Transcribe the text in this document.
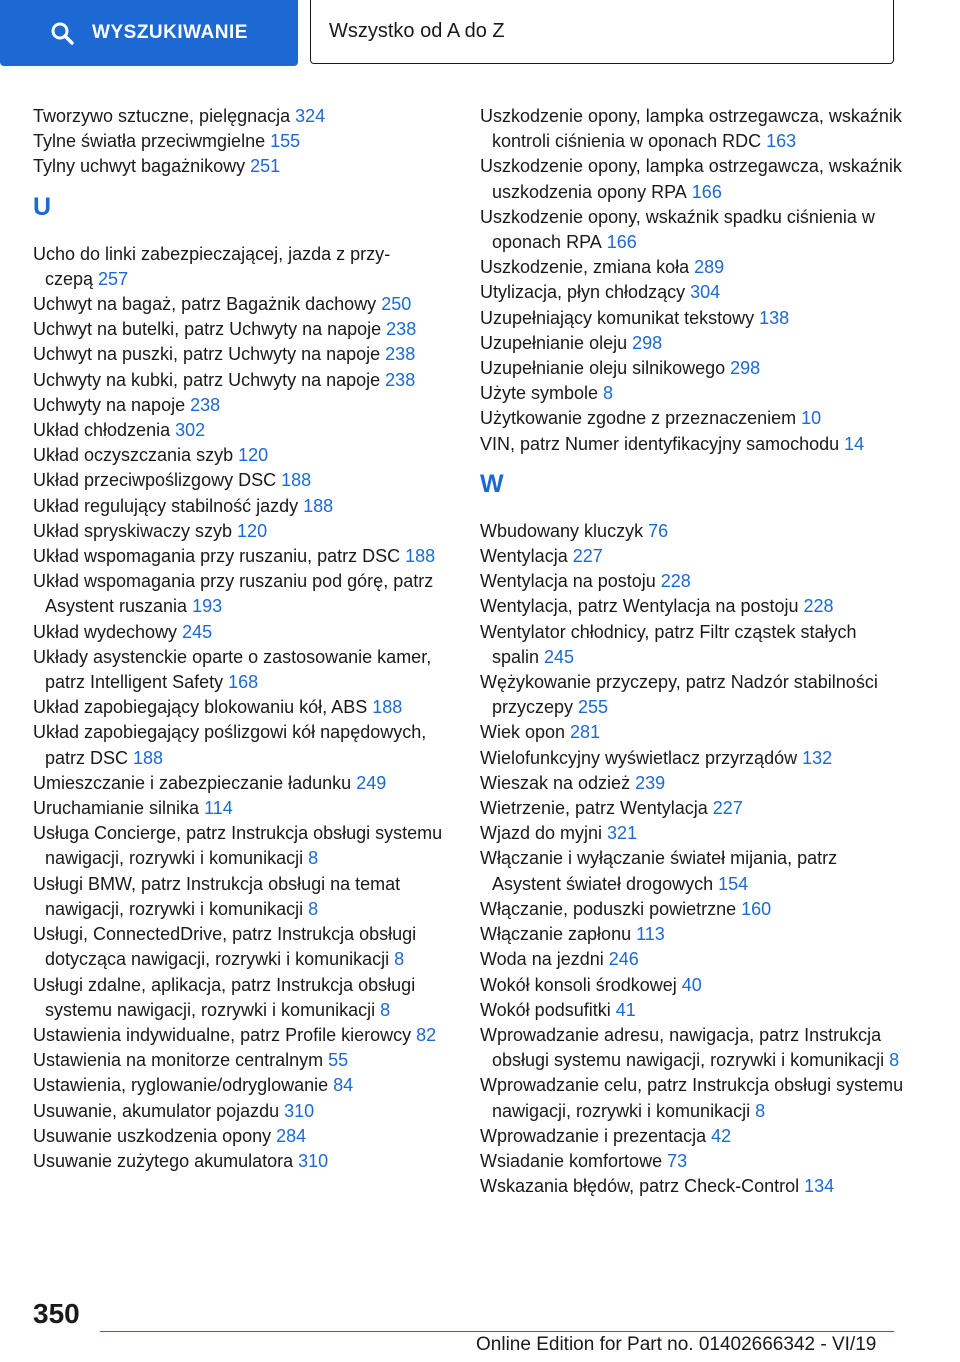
WYSZUKIWANIE	Wszystko od A do Z
Tworzywo sztuczne, pielęgnacja 324
Tylne światła przeciwmgielne 155
Tylny uchwyt bagażnikowy 251
U
Ucho do linki zabezpieczającej, jazda z przyczepą 257
Uchwyt na bagaż, patrz Bagażnik dachowy 250
Uchwyt na butelki, patrz Uchwyty na napoje 238
Uchwyt na puszki, patrz Uchwyty na napoje 238
Uchwyty na kubki, patrz Uchwyty na napoje 238
Uchwyty na napoje 238
Układ chłodzenia 302
Układ oczyszczania szyb 120
Układ przeciwpoślizgowy DSC 188
Układ regulujący stabilność jazdy 188
Układ spryskiwaczy szyb 120
Układ wspomagania przy ruszaniu, patrz DSC 188
Układ wspomagania przy ruszaniu pod górę, patrz Asystent ruszania 193
Układ wydechowy 245
Układy asystenckie oparte o zastosowanie kamer, patrz Intelligent Safety 168
Układ zapobiegający blokowaniu kół, ABS 188
Układ zapobiegający poślizgowi kół napędowych, patrz DSC 188
Umieszczanie i zabezpieczanie ładunku 249
Uruchamianie silnika 114
Usługa Concierge, patrz Instrukcja obsługi systemu nawigacji, rozrywki i komunikacji 8
Usługi BMW, patrz Instrukcja obsługi na temat nawigacji, rozrywki i komunikacji 8
Usługi, ConnectedDrive, patrz Instrukcja obsługi dotycząca nawigacji, rozrywki i komunikacji 8
Usługi zdalne, aplikacja, patrz Instrukcja obsługi systemu nawigacji, rozrywki i komunikacji 8
Ustawienia indywidualne, patrz Profile kierowcy 82
Ustawienia na monitorze centralnym 55
Ustawienia, ryglowanie/odryglowanie 84
Usuwanie, akumulator pojazdu 310
Usuwanie uszkodzenia opony 284
Usuwanie zużytego akumulatora 310
Uszkodzenie opony, lampka ostrzegawcza, wskaźnik kontroli ciśnienia w oponach RDC 163
Uszkodzenie opony, lampka ostrzegawcza, wskaźnik uszkodzenia opony RPA 166
Uszkodzenie opony, wskaźnik spadku ciśnienia w oponach RPA 166
Uszkodzenie, zmiana koła 289
Utylizacja, płyn chłodzący 304
Uzupełniający komunikat tekstowy 138
Uzupełnianie oleju 298
Uzupełnianie oleju silnikowego 298
Użyte symbole 8
Użytkowanie zgodne z przeznaczeniem 10
VIN, patrz Numer identyfikacyjny samochodu 14
W
Wbudowany kluczyk 76
Wentylacja 227
Wentylacja na postoju 228
Wentylacja, patrz Wentylacja na postoju 228
Wentylator chłodnicy, patrz Filtr cząstek stałych spalin 245
Wężykowanie przyczepy, patrz Nadzór stabilności przyczepy 255
Wiek opon 281
Wielofunkcyjny wyświetlacz przyrządów 132
Wieszak na odzież 239
Wietrzenie, patrz Wentylacja 227
Wjazd do myjni 321
Włączanie i wyłączanie świateł mijania, patrz Asystent świateł drogowych 154
Włączanie, poduszki powietrzne 160
Włączanie zapłonu 113
Woda na jezdni 246
Wokół konsoli środkowej 40
Wokół podsufitki 41
Wprowadzanie adresu, nawigacja, patrz Instrukcja obsługi systemu nawigacji, rozrywki i komunikacji 8
Wprowadzanie celu, patrz Instrukcja obsługi systemu nawigacji, rozrywki i komunikacji 8
Wprowadzanie i prezentacja 42
Wsiadanie komfortowe 73
Wskazania błędów, patrz Check-Control 134
350
Online Edition for Part no. 01402666342 - VI/19
